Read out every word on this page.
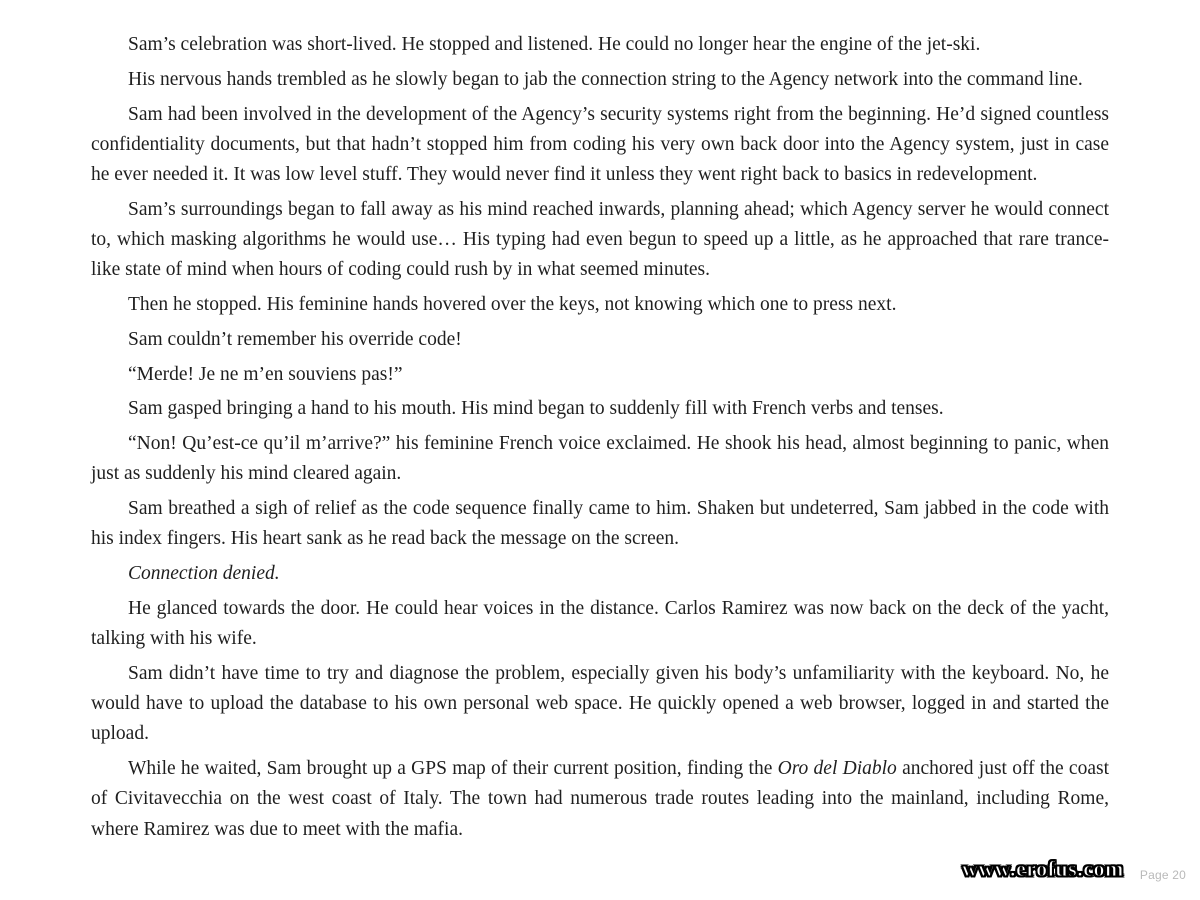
Sam’s celebration was short-lived. He stopped and listened. He could no longer hear the engine of the jet-ski.

His nervous hands trembled as he slowly began to jab the connection string to the Agency network into the command line.

Sam had been involved in the development of the Agency’s security systems right from the beginning. He’d signed countless confidentiality documents, but that hadn’t stopped him from coding his very own back door into the Agency system, just in case he ever needed it. It was low level stuff. They would never find it unless they went right back to basics in redevelopment.

Sam’s surroundings began to fall away as his mind reached inwards, planning ahead; which Agency server he would connect to, which masking algorithms he would use… His typing had even begun to speed up a little, as he approached that rare trance-like state of mind when hours of coding could rush by in what seemed minutes.

Then he stopped. His feminine hands hovered over the keys, not knowing which one to press next.

Sam couldn’t remember his override code!

“Merde! Je ne m’en souviens pas!”

Sam gasped bringing a hand to his mouth. His mind began to suddenly fill with French verbs and tenses.

“Non! Qu’est-ce qu’il m’arrive?” his feminine French voice exclaimed. He shook his head, almost beginning to panic, when just as suddenly his mind cleared again.

Sam breathed a sigh of relief as the code sequence finally came to him. Shaken but undeterred, Sam jabbed in the code with his index fingers. His heart sank as he read back the message on the screen.

Connection denied.

He glanced towards the door. He could hear voices in the distance. Carlos Ramirez was now back on the deck of the yacht, talking with his wife.

Sam didn’t have time to try and diagnose the problem, especially given his body’s unfamiliarity with the keyboard. No, he would have to upload the database to his own personal web space. He quickly opened a web browser, logged in and started the upload.

While he waited, Sam brought up a GPS map of their current position, finding the Oro del Diablo anchored just off the coast of Civitavecchia on the west coast of Italy. The town had numerous trade routes leading into the mainland, including Rome, where Ramirez was due to meet with the mafia.

www.erofus.com Page 20
